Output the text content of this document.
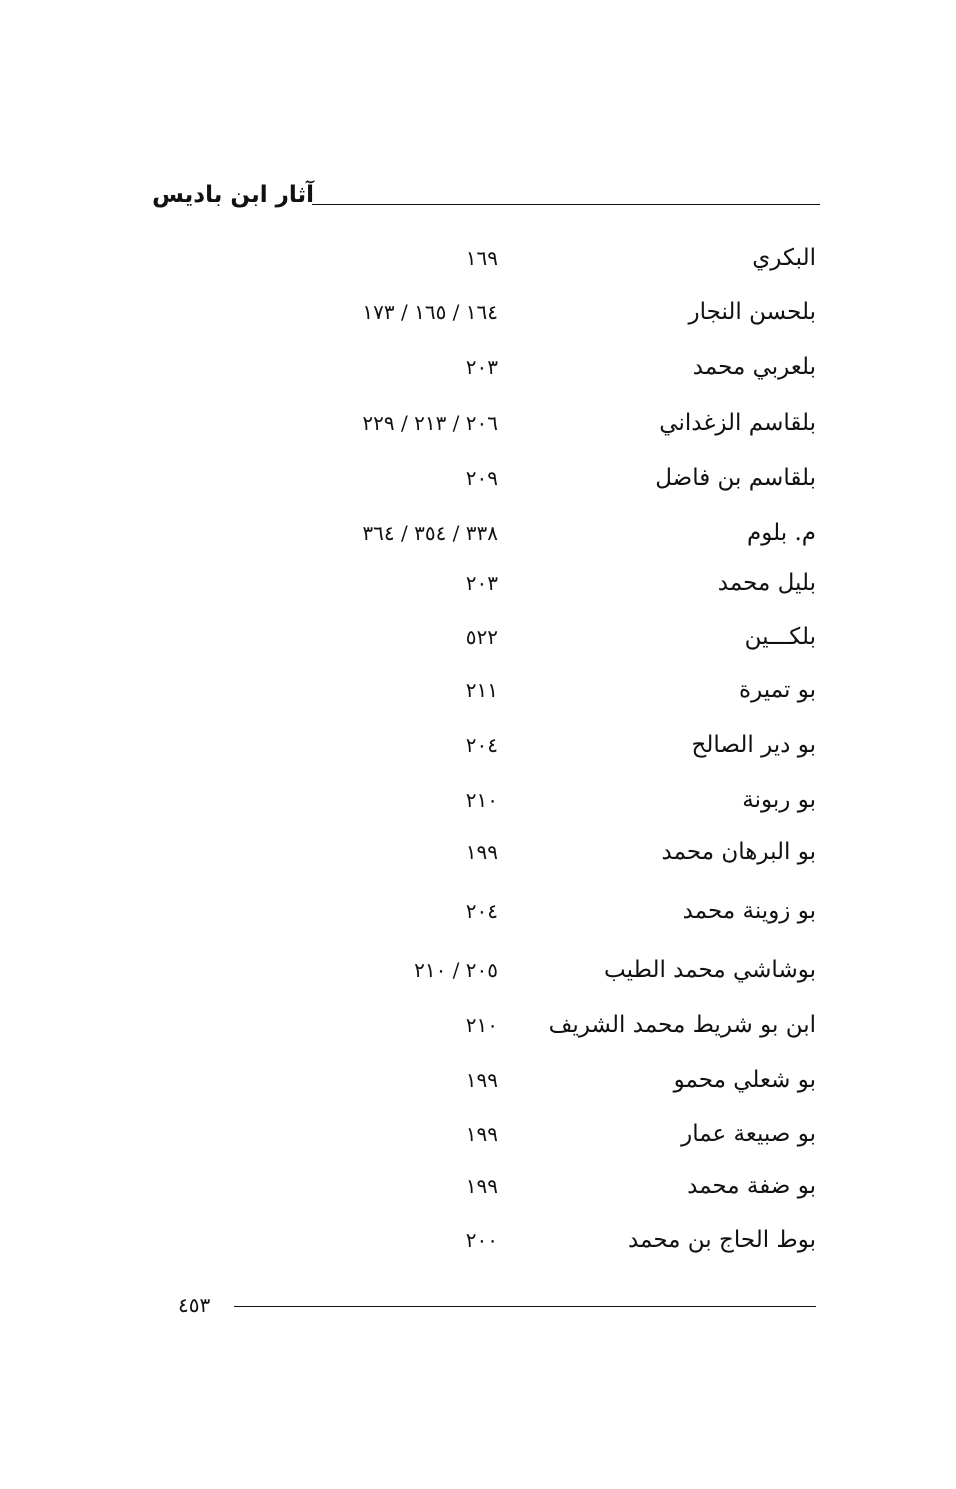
آثار ابن باديس
البكري
١٦٩
بلحسن النجار
١٦٤ / ١٦٥ / ١٧٣
بلعربي محمد
٢٠٣
بلقاسم الزغداني
٢٠٦ / ٢١٣ / ٢٢٩
بلقاسم بن فاضل
٢٠٩
م. بلوم
٣٣٨ / ٣٥٤ / ٣٦٤
بليل محمد
٢٠٣
بلكـــين
٥٢٢
بو تميرة
٢١١
بو دير الصالح
٢٠٤
بو ربونة
٢١٠
بو البرهان محمد
١٩٩
بو زوينة محمد
٢٠٤
بوشاشي محمد الطيب
٢٠٥ / ٢١٠
ابن بو شريط محمد الشريف
٢١٠
بو شعلي محمو
١٩٩
بو صبيعة عمار
١٩٩
بو ضفة محمد
١٩٩
بوط الحاج بن محمد
٢٠٠
٤٥٣
